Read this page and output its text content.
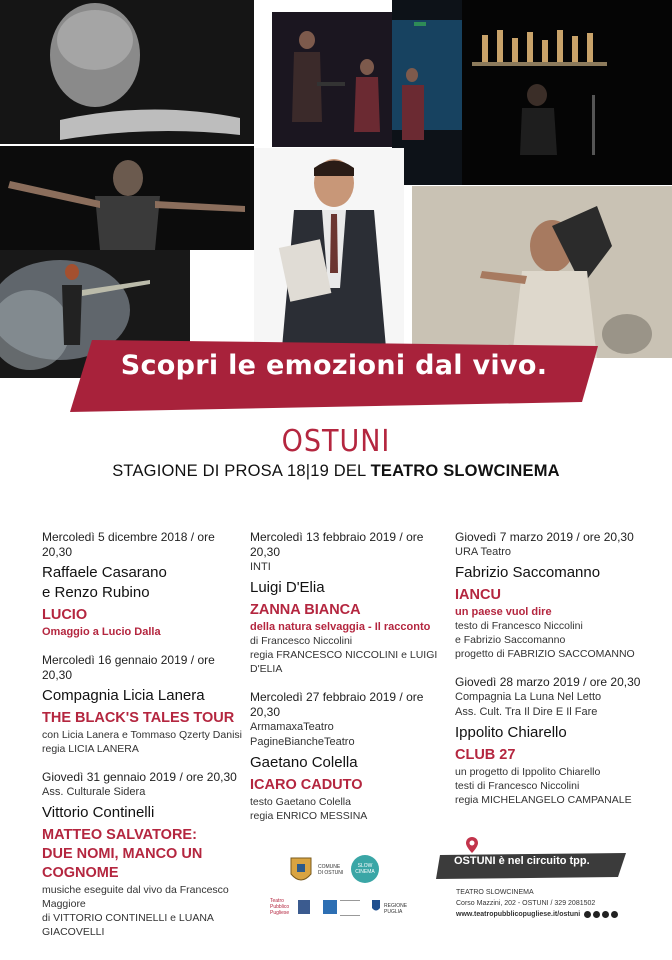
Scopri le emozioni dal vivo.
OSTUNI
STAGIONE DI PROSA 18|19 DEL TEATRO SLOWCINEMA
Mercoledì 5 dicembre 2018 / ore 20,30
Raffaele Casarano
e Renzo Rubino
LUCIO
Omaggio a Lucio Dalla
Mercoledì 16 gennaio 2019 / ore 20,30
Compagnia Licia Lanera
THE BLACK'S TALES TOUR
con Licia Lanera e Tommaso Qzerty Danisi
regia LICIA LANERA
Giovedì 31 gennaio 2019 / ore 20,30
Ass. Culturale Sidera
Vittorio Continelli
MATTEO SALVATORE:
DUE NOMI, MANCO UN
COGNOME
musiche eseguite dal vivo da Francesco
Maggiore
di VITTORIO CONTINELLI e LUANA GIACOVELLI
Mercoledì 13 febbraio 2019 / ore 20,30
INTI
Luigi D'Elia
ZANNA BIANCA
della natura selvaggia - Il racconto
di Francesco Niccolini
regia FRANCESCO NICCOLINI e LUIGI D'ELIA
Mercoledì 27 febbraio 2019 / ore 20,30
ArmamaxaTeatro
PagineBiancheTeatro
Gaetano Colella
ICARO CADUTO
testo Gaetano Colella
regia ENRICO MESSINA
Giovedì 7 marzo 2019 / ore 20,30
URA Teatro
Fabrizio Saccomanno
IANCU
un paese vuol dire
testo di Francesco Niccolini
e Fabrizio Saccomanno
progetto di FABRIZIO SACCOMANNO
Giovedì 28 marzo 2019 / ore 20,30
Compagnia La Luna Nel Letto
Ass. Cult. Tra Il Dire E Il Fare
Ippolito Chiarello
CLUB 27
un progetto di Ippolito Chiarello
testi di Francesco Niccolini
regia MICHELANGELO CAMPANALE
COMUNE DI OSTUNI
SLOW CINEMA
Teatro Pubblico Pugliese
REGIONE PUGLIA
OSTUNI è nel circuito tpp.
TEATRO SLOWCINEMA
Corso Mazzini, 202 - OSTUNI / 329 2081502
www.teatropubblicopugliese.it/ostuni
